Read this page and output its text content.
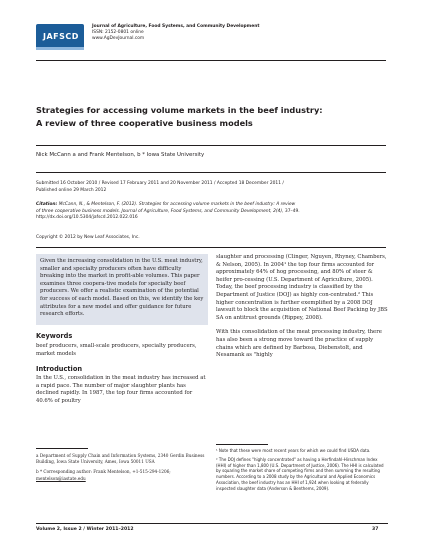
JAFSCD
Journal of Agriculture, Food Systems, and Community Development
ISSN: 2152-0801 online
www.AgDevJournal.com
Strategies for accessing volume markets in the beef industry:
A review of three cooperative business models
Nick McCann a and Frank Mentelson, b * Iowa State University
Submitted 16 October 2010 / Revised 17 February 2011 and 20 November 2011 / Accepted 18 December 2011 /
Published online 29 March 2012
Citation: McCann, N., & Mentelson, F. (2012). Strategies for accessing volume markets in the beef industry: A review
of three cooperative business models. Journal of Agriculture, Food Systems, and Community Development, 2(4), 37–49.
http://dx.doi.org/10.5304/jafscd.2012.022.016
Copyright © 2012 by New Leaf Associates, Inc.

Given the increasing consolidation in the U.S. meat industry, smaller and specialty producers often have difficulty breaking into the market in profit-able volumes. This paper examines three coopera-tive models for specialty beef producers. We offer a realistic examination of the potential for success of each model. Based on this, we identify the key attributes for a new model and offer guidance for future research efforts.

Keywords

beef producers, small-scale producers, specialty producers, market models

Introduction

In the U.S., consolidation in the meat industry has increased at a rapid pace. The number of major slaughter plants has declined rapidly. In 1987, the top four firms accounted for 40.6% of poultry

slaughter and processing (Clinger, Nguyen, Rhyney, Chambers, & Nelson, 2005). In 2004¹ the top four firms accounted for approximately 64% of hog processing, and 80% of steer & heifer pro-cessing (U.S. Department of Agriculture, 2005). Today, the beef processing industry is classified by the Department of Justice (DOJ) as highly con-centrated.² This higher concentration is further exemplified by a 2008 DOJ lawsuit to block the acquisition of National Beef Packing by JBS SA on antitrust grounds (Rippey, 2008).

With this consolidation of the meat processing industry, there has also been a strong move toward the practice of supply chains which are defined by Barbosa, Diebenstolt, and Nesamank as "highly

a Department of Supply Chain and Information Systems, 2340 Gerdin Business Building, Iowa State University, Ames, Iowa 50011 USA

b * Corresponding author: Frank Mentelson, +1-515-294-1206; mentelson@iastate.edu

¹ Note that these were most recent years for which we could find USDA data.

² The DOJ defines "highly concentrated" as having a Herfindahl-Hirschman Index (HHI) of higher than 1,800 (U.S. Department of Justice, 2006). The HHI is calculated by squaring the market share of competing firms and then summing the resulting numbers. According to a 2008 study by the Agricultural and Applied Economics Association, the beef industry has an HHI of 1,924 when looking at federally inspected slaughter data (Anderson & Benthems, 2009).

Volume 2, Issue 2 / Winter 2011–2012	37
